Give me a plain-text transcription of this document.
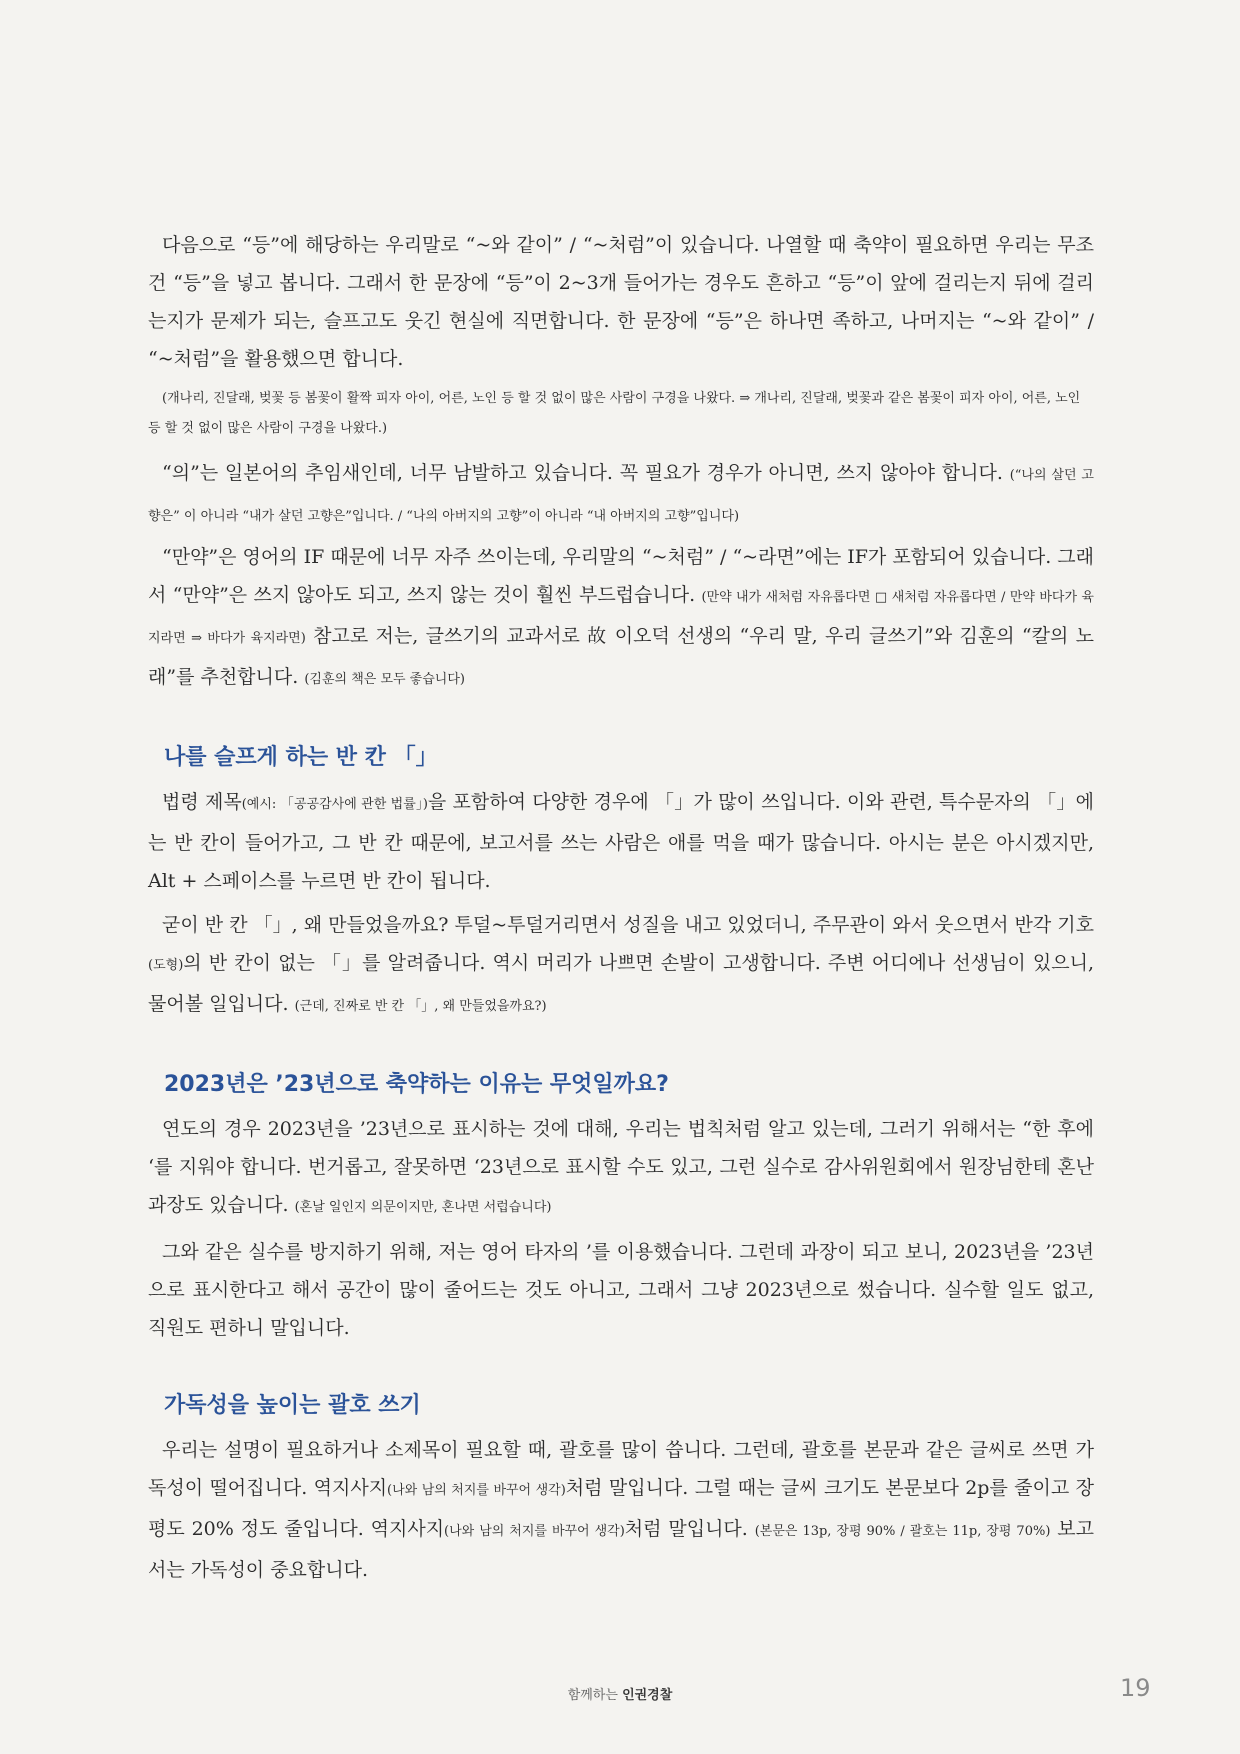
다음으로 “등”에 해당하는 우리말로 “~와 같이” / “~처럼”이 있습니다. 나열할 때 축약이 필요하면 우리는 무조건 “등”을 넣고 봅니다. 그래서 한 문장에 “등”이 2~3개 들어가는 경우도 흔하고 “등”이 앞에 걸리는지 뒤에 걸리는지가 문제가 되는, 슬프고도 웃긴 현실에 직면합니다. 한 문장에 “등”은 하나면 족하고, 나머지는 “~와 같이” / “~처럼”을 활용했으면 합니다.

(개나리, 진달래, 벚꽃 등 봄꽃이 활짝 피자 아이, 어른, 노인 등 할 것 없이 많은 사람이 구경을 나왔다. ⇒ 개나리, 진달래, 벚꽃과 같은 봄꽃이 피자 아이, 어른, 노인 등 할 것 없이 많은 사람이 구경을 나왔다.)

“의”는 일본어의 추임새인데, 너무 남발하고 있습니다. 꼭 필요가 경우가 아니면, 쓰지 않아야 합니다. (“나의 살던 고향은” 이 아니라 “내가 살던 고향은”입니다. / “나의 아버지의 고향”이 아니라 “내 아버지의 고향”입니다)

“만약”은 영어의 IF 때문에 너무 자주 쓰이는데, 우리말의 “~처럼” / “~라면”에는 IF가 포함되어 있습니다. 그래서 “만약”은 쓰지 않아도 되고, 쓰지 않는 것이 훨씬 부드럽습니다. (만약 내가 새처럼 자유롭다면 □ 새처럼 자유롭다면 / 만약 바다가 육지라면 ⇒ 바다가 육지라면) 참고로 저는, 글쓰기의 교과서로 故 이오덕 선생의 “우리 말, 우리 글쓰기”와 김훈의 “칼의 노래”를 추천합니다. (김훈의 책은 모두 좋습니다)

나를 슬프게 하는 반 칸 「」

법령 제목(예시: 「공공감사에 관한 법률」)을 포함하여 다양한 경우에 「」가 많이 쓰입니다. 이와 관련, 특수문자의 「」에는 반 칸이 들어가고, 그 반 칸 때문에, 보고서를 쓰는 사람은 애를 먹을 때가 많습니다. 아시는 분은 아시겠지만, Alt + 스페이스를 누르면 반 칸이 됩니다.

굳이 반 칸 「」, 왜 만들었을까요? 투덜~투덜거리면서 성질을 내고 있었더니, 주무관이 와서 웃으면서 반각 기호(도형)의 반 칸이 없는 「」를 알려줍니다. 역시 머리가 나쁘면 손발이 고생합니다. 주변 어디에나 선생님이 있으니, 물어볼 일입니다. (근데, 진짜로 반 칸 「」, 왜 만들었을까요?)

2023년은 ’23년으로 축약하는 이유는 무엇일까요?

연도의 경우 2023년을 ’23년으로 표시하는 것에 대해, 우리는 법칙처럼 알고 있는데, 그러기 위해서는 “한 후에 ‘를 지워야 합니다. 번거롭고, 잘못하면 ‘23년으로 표시할 수도 있고, 그런 실수로 감사위원회에서 원장님한테 혼난 과장도 있습니다. (혼날 일인지 의문이지만, 혼나면 서럽습니다)

그와 같은 실수를 방지하기 위해, 저는 영어 타자의 ’를 이용했습니다. 그런데 과장이 되고 보니, 2023년을 ’23년으로 표시한다고 해서 공간이 많이 줄어드는 것도 아니고, 그래서 그냥 2023년으로 썼습니다. 실수할 일도 없고, 직원도 편하니 말입니다.

가독성을 높이는 괄호 쓰기

우리는 설명이 필요하거나 소제목이 필요할 때, 괄호를 많이 씁니다. 그런데, 괄호를 본문과 같은 글씨로 쓰면 가독성이 떨어집니다. 역지사지(나와 남의 처지를 바꾸어 생각)처럼 말입니다. 그럴 때는 글씨 크기도 본문보다 2p를 줄이고 장평도 20% 정도 줄입니다. 역지사지(나와 남의 처지를 바꾸어 생각)처럼 말입니다. (본문은 13p, 장평 90% / 괄호는 11p, 장평 70%) 보고서는 가독성이 중요합니다.

함께하는 인권경찰	19
